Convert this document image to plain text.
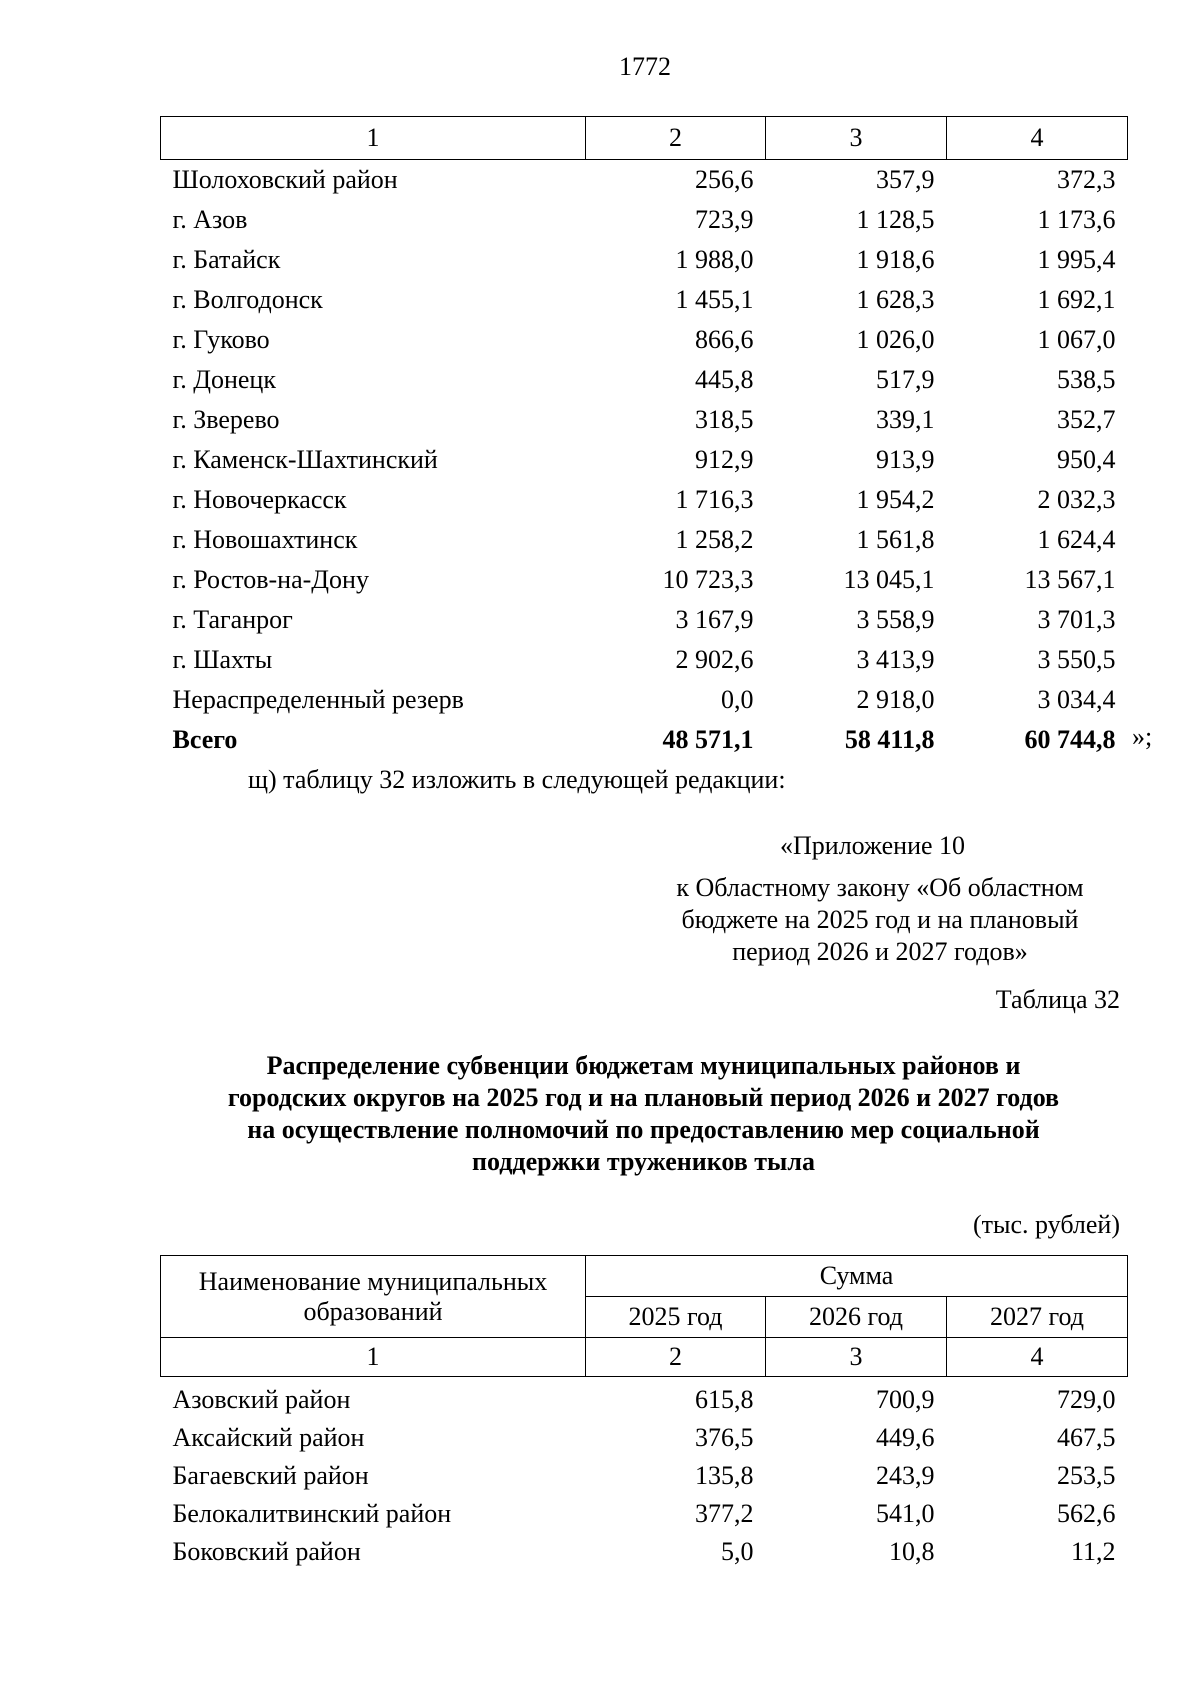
1772
1	2	3	4
Шолоховский район	256,6	357,9	372,3
г. Азов	723,9	1 128,5	1 173,6
г. Батайск	1 988,0	1 918,6	1 995,4
г. Волгодонск	1 455,1	1 628,3	1 692,1
г. Гуково	866,6	1 026,0	1 067,0
г. Донецк	445,8	517,9	538,5
г. Зверево	318,5	339,1	352,7
г. Каменск-Шахтинский	912,9	913,9	950,4
г. Новочеркасск	1 716,3	1 954,2	2 032,3
г. Новошахтинск	1 258,2	1 561,8	1 624,4
г. Ростов-на-Дону	10 723,3	13 045,1	13 567,1
г. Таганрог	3 167,9	3 558,9	3 701,3
г. Шахты	2 902,6	3 413,9	3 550,5
Нераспределенный резерв	0,0	2 918,0	3 034,4
Всего	48 571,1	58 411,8	60 744,8 »;
щ) таблицу 32 изложить в следующей редакции:
«Приложение 10
к Областному закону «Об областном
бюджете на 2025 год и на плановый
период 2026 и 2027 годов»
Таблица 32
Распределение субвенции бюджетам муниципальных районов и
городских округов на 2025 год и на плановый период 2026 и 2027 годов
на осуществление полномочий по предоставлению мер социальной
поддержки тружеников тыла
(тыс. рублей)
Наименование муниципальных
образований	Сумма		
	2025 год	2026 год	2027 год
1	2	3	4
Азовский район	615,8	700,9	729,0
Аксайский район	376,5	449,6	467,5
Багаевский район	135,8	243,9	253,5
Белокалитвинский район	377,2	541,0	562,6
Боковский район	5,0	10,8	11,2
